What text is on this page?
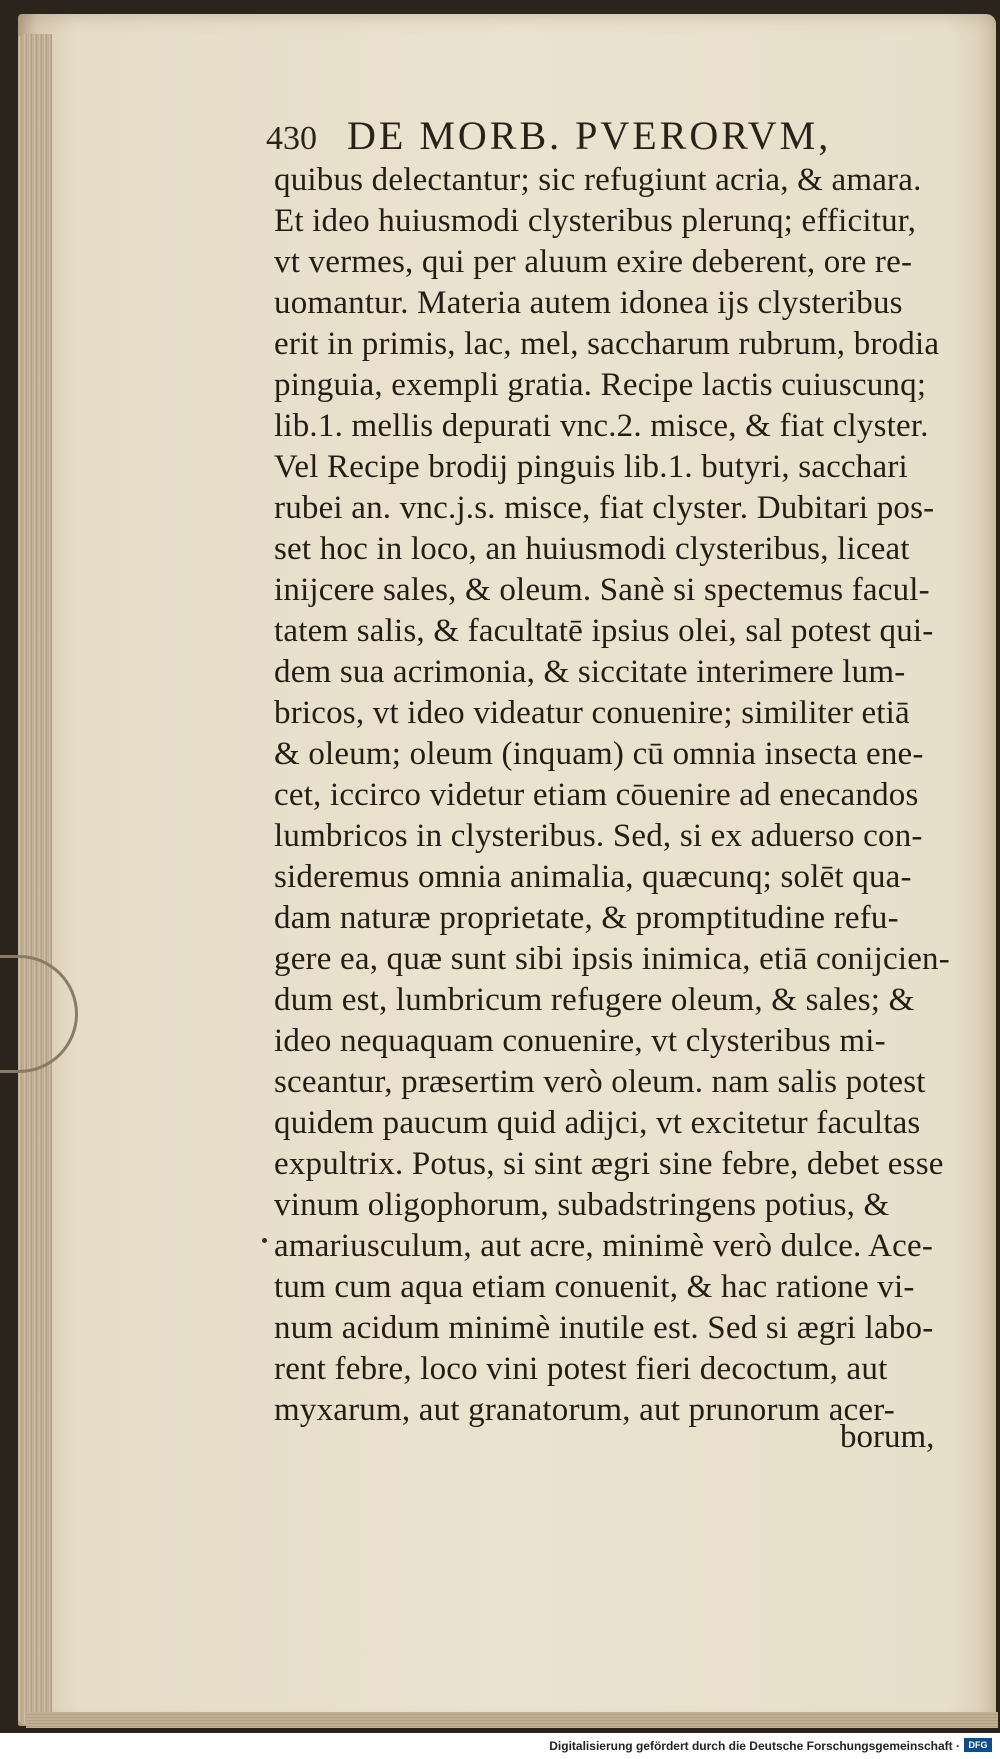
430 DE MORB. PVERORVM,
quibus delectantur; sic refugiunt acria, & amara.
Et ideo huiusmodi clysteribus plerunq; efficitur,
vt vermes, qui per aluum exire deberent, ore re-
uomantur. Materia autem idonea ijs clysteribus
erit in primis, lac, mel, saccharum rubrum, brodia
pinguia, exempli gratia. Recipe lactis cuiuscunq;
lib.1. mellis depurati vnc.2. misce, & fiat clyster.
Vel Recipe brodij pinguis lib.1. butyri, sacchari
rubei an. vnc.j.s. misce, fiat clyster. Dubitari pos-
set hoc in loco, an huiusmodi clysteribus, liceat
inijcere sales, & oleum. Sanè si spectemus facul-
tatem salis, & facultatē ipsius olei, sal potest qui-
dem sua acrimonia, & siccitate interimere lum-
bricos, vt ideo videatur conuenire; similiter etiā
& oleum; oleum (inquam) cū omnia insecta ene-
cet, iccirco videtur etiam cōuenire ad enecandos
lumbricos in clysteribus. Sed, si ex aduerso con-
sideremus omnia animalia, quæcunq; solēt qua-
dam naturæ proprietate, & promptitudine refu-
gere ea, quæ sunt sibi ipsis inimica, etiā conijcien-
dum est, lumbricum refugere oleum, & sales; &
ideo nequaquam conuenire, vt clysteribus mi-
sceantur, præsertim verò oleum. nam salis potest
quidem paucum quid adijci, vt excitetur facultas
expultrix. Potus, si sint ægri sine febre, debet esse
vinum oligophorum, subadstringens potius, &
amariusculum, aut acre, minimè verò dulce. Ace-
tum cum aqua etiam conuenit, & hac ratione vi-
num acidum minimè inutile est. Sed si ægri labo-
rent febre, loco vini potest fieri decoctum, aut
myxarum, aut granatorum, aut prunorum acer-
borum,
Digitalisierung gefördert durch die Deutsche Forschungsgemeinschaft · DFG
